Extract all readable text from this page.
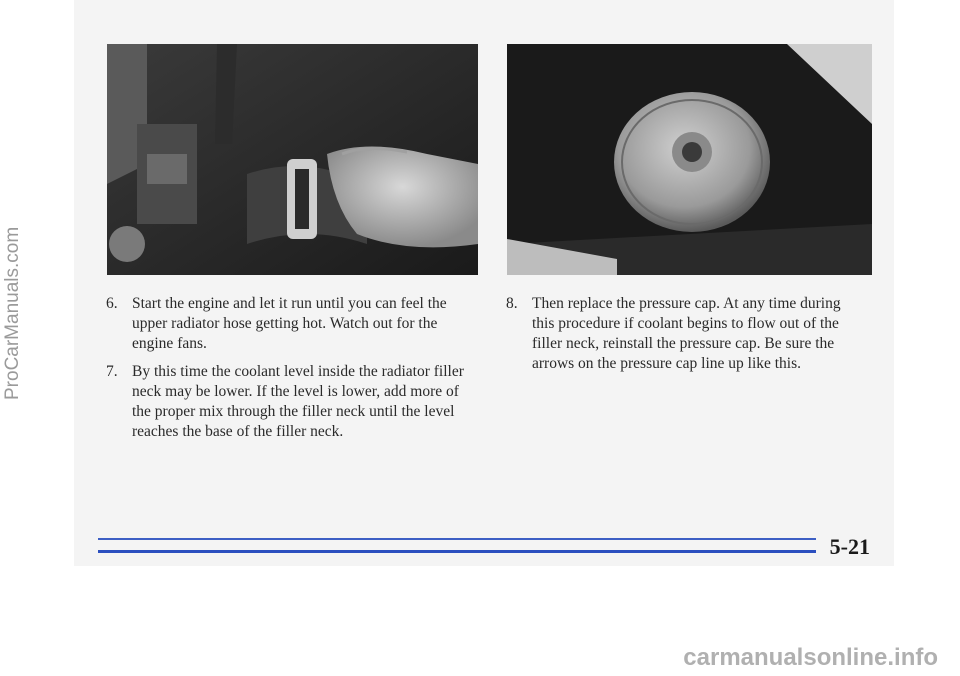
6. Start the engine and let it run until you can feel the upper radiator hose getting hot. Watch out for the engine fans.
7. By this time the coolant level inside the radiator filler neck may be lower. If the level is lower, add more of the proper mix through the filler neck until the level reaches the base of the filler neck.
8. Then replace the pressure cap. At any time during this procedure if coolant begins to flow out of the filler neck, reinstall the pressure cap. Be sure the arrows on the pressure cap line up like this.
5-21
ProCarManuals.com
carmanualsonline.info
